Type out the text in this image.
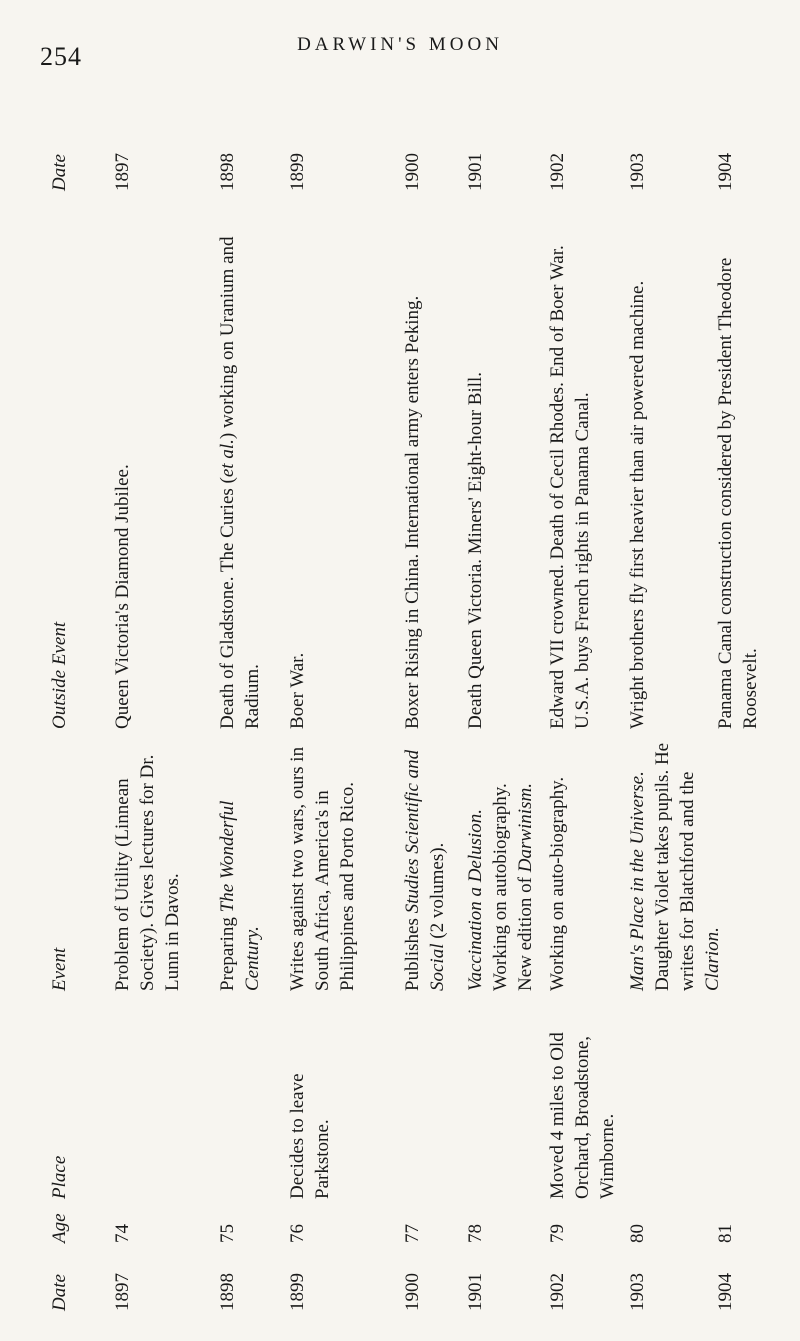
254	DARWIN'S MOON
Date
Age
Place
Event
Outside Event
Date
1897
74
Problem of Utility (Linnean Society). Gives lectures for Dr. Lunn in Davos.
Queen Victoria's Diamond Jubilee.
1897
1898
75
Preparing The Wonderful Century.
Death of Gladstone. The Curies (et al.) working on Uranium and Radium.
1898
1899
76
Decides to leave Parkstone.
Writes against two wars, ours in South Africa, America's in Philippines and Porto Rico.
Boer War.
1899
1900
77
Publishes Studies Scientific and Social (2 volumes).
Boxer Rising in China. International army enters Peking.
1900
1901
78
Vaccination a Delusion. Working on autobiography. New edition of Darwinism.
Death Queen Victoria. Miners' Eight-hour Bill.
1901
1902
79
Moved 4 miles to Old Orchard, Broadstone, Wimborne.
Working on auto-biography.
Edward VII crowned. Death of Cecil Rhodes. End of Boer War. U.S.A. buys French rights in Panama Canal.
1902
1903
80
Man's Place in the Universe. Daughter Violet takes pupils. He writes for Blatchford and the Clarion.
Wright brothers fly first heavier than air powered machine.
1903
1904
81
Panama Canal construction considered by President Theodore Roosevelt.
1904
